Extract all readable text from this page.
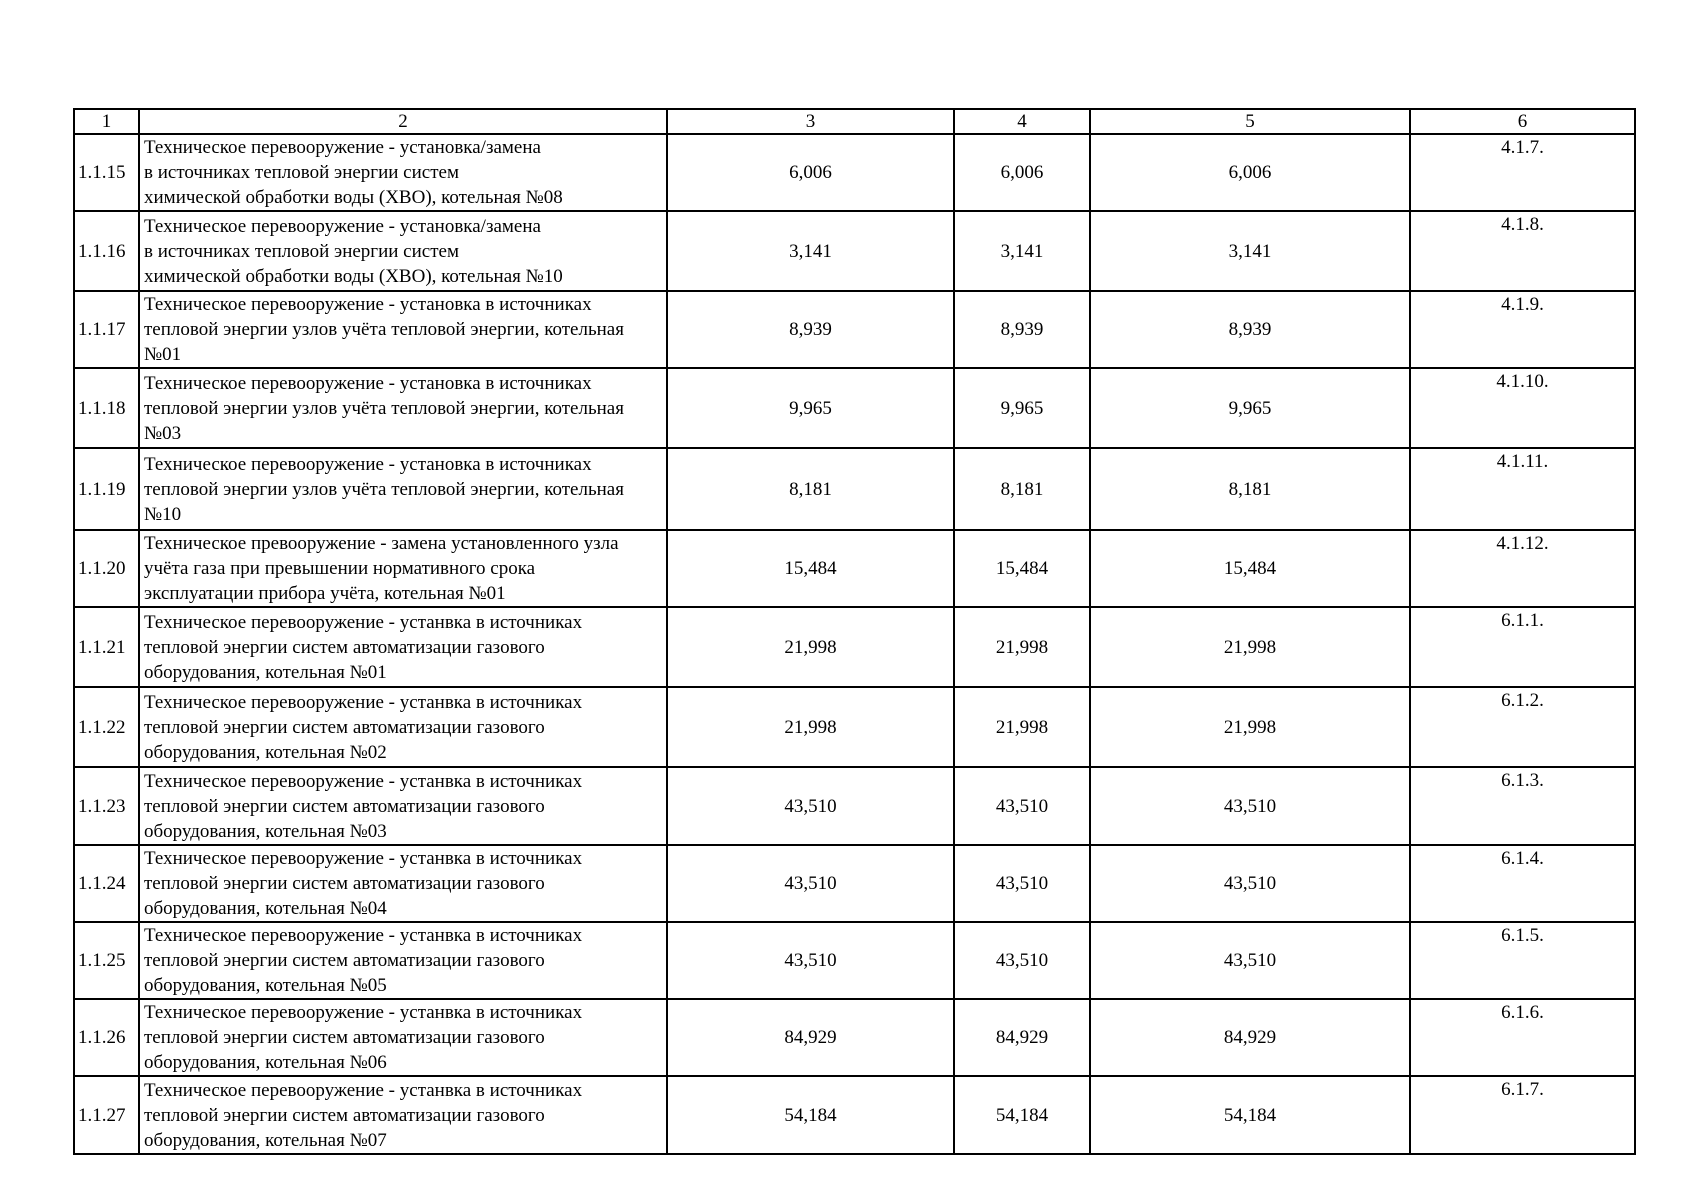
1	2	3	4	5	6
1.1.15	Техническое перевооружение - установка/замена
в источниках тепловой энергии систем
химической обработки воды (ХВО), котельная №08	6,006	6,006	6,006	4.1.7.
1.1.16	Техническое перевооружение - установка/замена
в источниках тепловой энергии систем
химической обработки воды (ХВО), котельная №10	3,141	3,141	3,141	4.1.8.
1.1.17	Техническое перевооружение - установка в источниках
тепловой энергии узлов учёта тепловой энергии, котельная
№01	8,939	8,939	8,939	4.1.9.
1.1.18	Техническое перевооружение - установка в источниках
тепловой энергии узлов учёта тепловой энергии, котельная
№03	9,965	9,965	9,965	4.1.10.
1.1.19	Техническое перевооружение - установка в источниках
тепловой энергии узлов учёта тепловой энергии, котельная
№10	8,181	8,181	8,181	4.1.11.
1.1.20	Техническое превооружение - замена установленного узла
учёта газа при превышении нормативного срока
эксплуатации прибора учёта, котельная №01	15,484	15,484	15,484	4.1.12.
1.1.21	Техническое перевооружение - устанвка в источниках
тепловой энергии систем автоматизации газового
оборудования, котельная №01	21,998	21,998	21,998	6.1.1.
1.1.22	Техническое перевооружение - устанвка в источниках
тепловой энергии систем автоматизации газового
оборудования, котельная №02	21,998	21,998	21,998	6.1.2.
1.1.23	Техническое перевооружение - устанвка в источниках
тепловой энергии систем автоматизации газового
оборудования, котельная №03	43,510	43,510	43,510	6.1.3.
1.1.24	Техническое перевооружение - устанвка в источниках
тепловой энергии систем автоматизации газового
оборудования, котельная №04	43,510	43,510	43,510	6.1.4.
1.1.25	Техническое перевооружение - устанвка в источниках
тепловой энергии систем автоматизации газового
оборудования, котельная №05	43,510	43,510	43,510	6.1.5.
1.1.26	Техническое перевооружение - устанвка в источниках
тепловой энергии систем автоматизации газового
оборудования, котельная №06	84,929	84,929	84,929	6.1.6.
1.1.27	Техническое перевооружение - устанвка в источниках
тепловой энергии систем автоматизации газового
оборудования, котельная №07	54,184	54,184	54,184	6.1.7.
